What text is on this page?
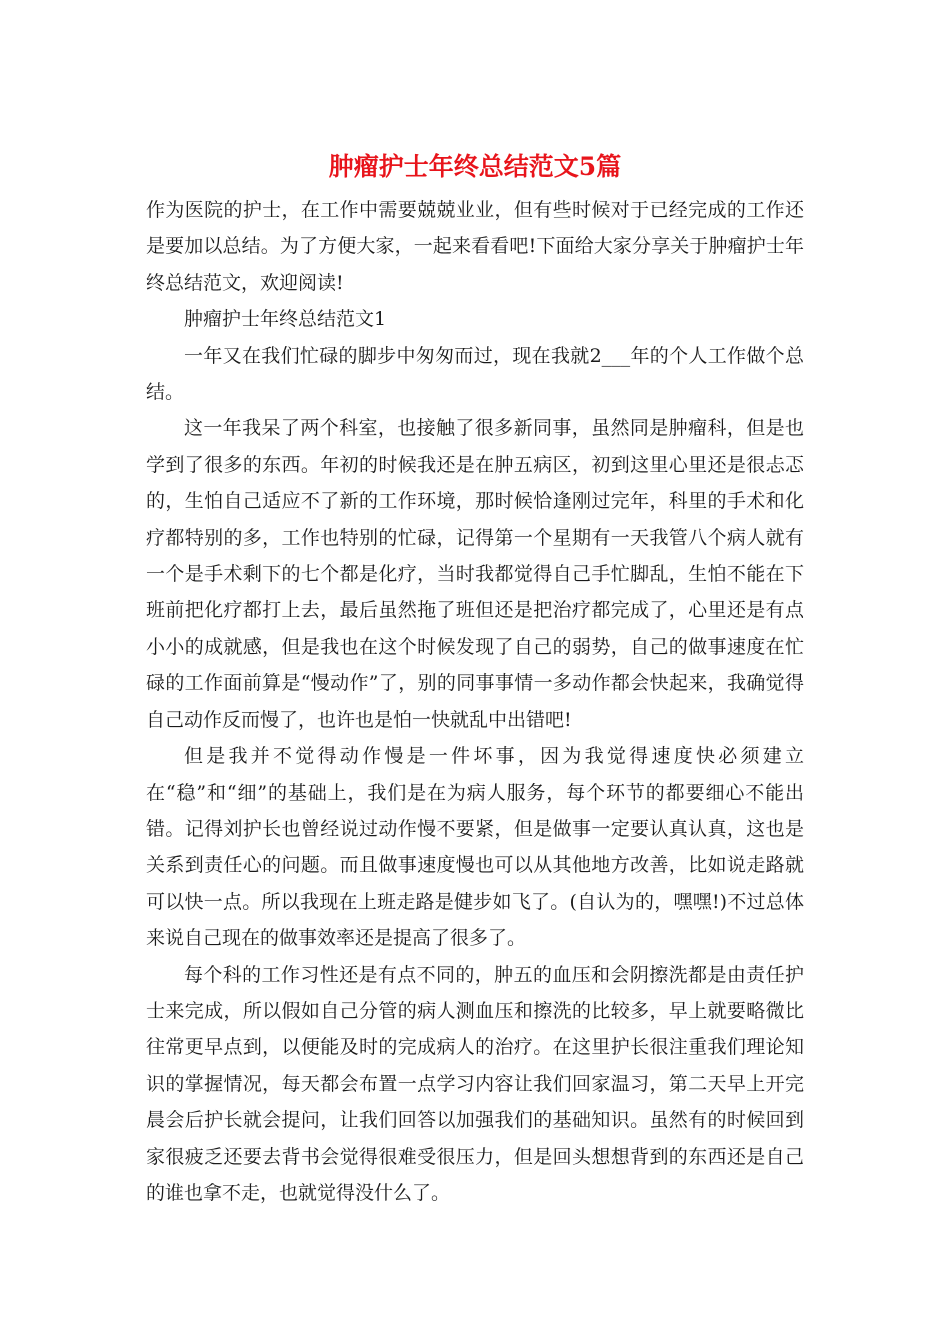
肿瘤护士年终总结范文5篇

作为医院的护士，在工作中需要兢兢业业，但有些时候对于已经完成的工作还是要加以总结。为了方便大家，一起来看看吧!下面给大家分享关于肿瘤护士年终总结范文，欢迎阅读!

肿瘤护士年终总结范文1

一年又在我们忙碌的脚步中匆匆而过，现在我就2___年的个人工作做个总结。

这一年我呆了两个科室，也接触了很多新同事，虽然同是肿瘤科，但是也学到了很多的东西。年初的时候我还是在肿五病区，初到这里心里还是很忐忑的，生怕自己适应不了新的工作环境，那时候恰逢刚过完年，科里的手术和化疗都特别的多，工作也特别的忙碌，记得第一个星期有一天我管八个病人就有一个是手术剩下的七个都是化疗，当时我都觉得自己手忙脚乱，生怕不能在下班前把化疗都打上去，最后虽然拖了班但还是把治疗都完成了，心里还是有点小小的成就感，但是我也在这个时候发现了自己的弱势，自己的做事速度在忙碌的工作面前算是“慢动作”了，别的同事事情一多动作都会快起来，我确觉得自己动作反而慢了，也许也是怕一快就乱中出错吧!

但是我并不觉得动作慢是一件坏事，因为我觉得速度快必须建立在“稳”和“细”的基础上，我们是在为病人服务，每个环节的都要细心不能出错。记得刘护长也曾经说过动作慢不要紧，但是做事一定要认真认真，这也是关系到责任心的问题。而且做事速度慢也可以从其他地方改善，比如说走路就可以快一点。所以我现在上班走路是健步如飞了。(自认为的，嘿嘿!)不过总体来说自己现在的做事效率还是提高了很多了。

每个科的工作习性还是有点不同的，肿五的血压和会阴擦洗都是由责任护士来完成，所以假如自己分管的病人测血压和擦洗的比较多，早上就要略微比往常更早点到，以便能及时的完成病人的治疗。在这里护长很注重我们理论知识的掌握情况，每天都会布置一点学习内容让我们回家温习，第二天早上开完晨会后护长就会提问，让我们回答以加强我们的基础知识。虽然有的时候回到家很疲乏还要去背书会觉得很难受很压力，但是回头想想背到的东西还是自己的谁也拿不走，也就觉得没什么了。
